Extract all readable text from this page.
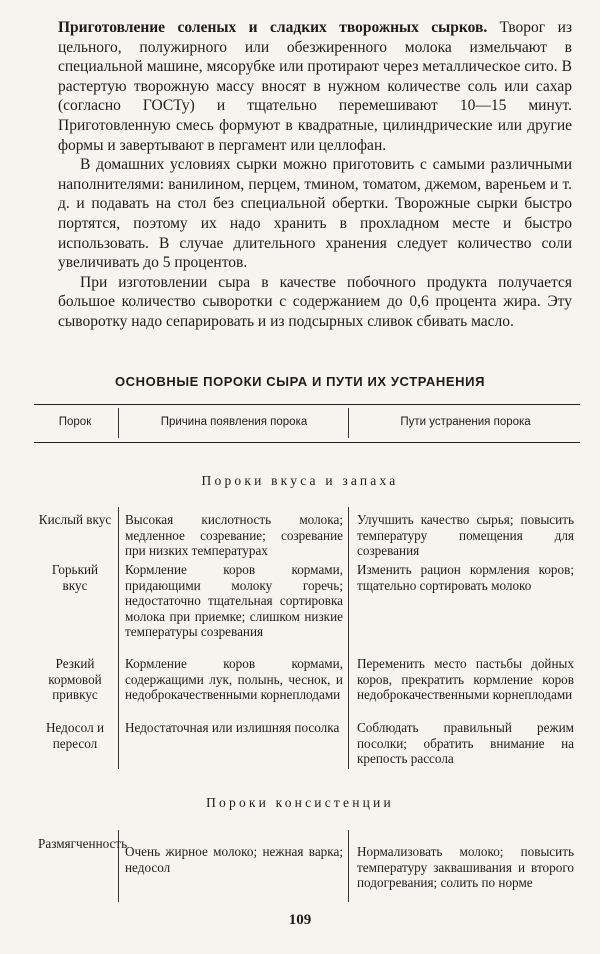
Приготовление соленых и сладких творожных сырков. Творог из цельного, полужирного или обезжиренного молока измельчают в специальной машине, мясорубке или протирают через металлическое сито. В растертую творожную массу вносят в нужном количестве соль или сахар (согласно ГОСТу) и тщательно перемешивают 10—15 минут. Приготовленную смесь формуют в квадратные, цилиндрические или другие формы и завертывают в пергамент или целлофан.

В домашних условиях сырки можно приготовить с самыми различными наполнителями: ванилином, перцем, тмином, томатом, джемом, вареньем и т. д. и подавать на стол без специальной обертки. Творожные сырки быстро портятся, поэтому их надо хранить в прохладном месте и быстро использовать. В случае длительного хранения следует количество соли увеличивать до 5 процентов.

При изготовлении сыра в качестве побочного продукта получается большое количество сыворотки с содержанием до 0,6 процента жира. Эту сыворотку надо сепарировать и из подсырных сливок сбивать масло.

ОСНОВНЫЕ ПОРОКИ СЫРА И ПУТИ ИХ УСТРАНЕНИЯ
Порок	Причина появления порока	Пути устранения порока
Пороки вкуса и запаха
Кислый вкус Высокая кислотность молока; медленное созревание; созревание при низких температурах
Улучшить качество сырья; повысить температуру помещения для созревания
Горький вкус
Кормление коров кормами, придающими молоку горечь; недостаточно тщательная сортировка молока при приемке; слишком низкие температуры созревания
Изменить рацион кормления коров; тщательно сортировать молоко
Резкий кормовой привкус
Кормление коров кормами, содержащими лук, полынь, чеснок, и недоброкачественными корнеплодами
Переменить место пастьбы дойных коров, прекратить кормление коров недоброкачественными корнеплодами
Недосол и пересол
Недостаточная или излишняя посолка Соблюдать правильный режим посолки; обратить внимание на крепость рассола
Пороки консистенции
Размягченность
Очень жирное молоко; нежная варка; недосол
Нормализовать молоко; повысить температуру заквашивания и второго подогревания; солить по норме
109
